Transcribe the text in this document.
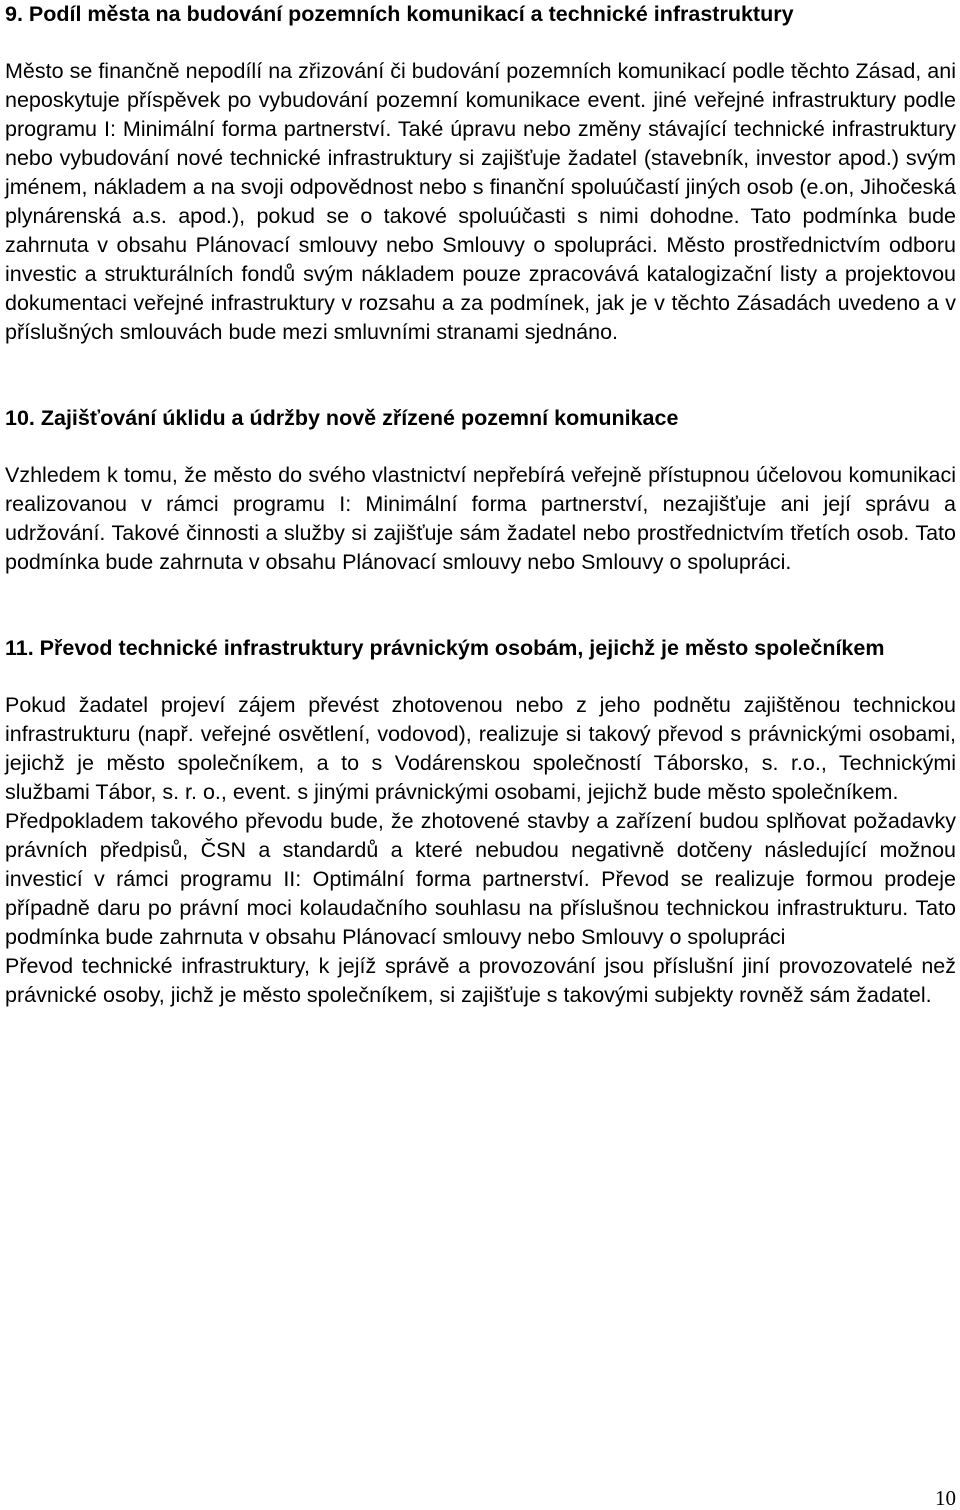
9. Podíl města na budování pozemních komunikací a technické infrastruktury

Město se finančně nepodílí na zřizování či budování pozemních komunikací podle těchto Zásad, ani neposkytuje příspěvek po vybudování pozemní komunikace event. jiné veřejné infrastruktury podle programu I: Minimální forma partnerství. Také úpravu nebo změny stávající technické infrastruktury nebo vybudování nové technické infrastruktury si zajišťuje žadatel (stavebník, investor apod.) svým jménem, nákladem a na svoji odpovědnost nebo s finanční spoluúčastí jiných osob (e.on, Jihočeská plynárenská a.s. apod.), pokud se o takové spoluúčasti s nimi dohodne. Tato podmínka bude zahrnuta v obsahu Plánovací smlouvy nebo Smlouvy o spolupráci. Město prostřednictvím odboru investic a strukturálních fondů svým nákladem pouze zpracovává katalogizační listy a projektovou dokumentaci veřejné infrastruktury v rozsahu a za podmínek, jak je v těchto Zásadách uvedeno a v příslušných smlouvách bude mezi smluvními stranami sjednáno.

10. Zajišťování úklidu a údržby nově zřízené pozemní komunikace

Vzhledem k tomu, že město do svého vlastnictví nepřebírá veřejně přístupnou účelovou komunikaci realizovanou v rámci programu I: Minimální forma partnerství, nezajišťuje ani její správu a udržování. Takové činnosti a služby si zajišťuje sám žadatel nebo prostřednictvím třetích osob. Tato podmínka bude zahrnuta v obsahu Plánovací smlouvy nebo Smlouvy o spolupráci.

11. Převod technické infrastruktury právnickým osobám, jejichž je město společníkem

Pokud žadatel projeví zájem převést zhotovenou nebo z jeho podnětu zajištěnou technickou infrastrukturu (např. veřejné osvětlení, vodovod), realizuje si takový převod s právnickými osobami, jejichž je město společníkem, a to s Vodárenskou společností Táborsko, s. r.o., Technickými službami Tábor, s. r. o., event. s jinými právnickými osobami, jejichž bude město společníkem.

Předpokladem takového převodu bude, že zhotovené stavby a zařízení budou splňovat požadavky právních předpisů, ČSN a standardů a které nebudou negativně dotčeny následující možnou investicí v rámci programu II: Optimální forma partnerství. Převod se realizuje formou prodeje případně daru po právní moci kolaudačního souhlasu na příslušnou technickou infrastrukturu. Tato podmínka bude zahrnuta v obsahu Plánovací smlouvy nebo Smlouvy o spolupráci

Převod technické infrastruktury, k jejíž správě a provozování jsou příslušní jiní provozovatelé než právnické osoby, jichž je město společníkem, si zajišťuje s takovými subjekty rovněž sám žadatel.

10
